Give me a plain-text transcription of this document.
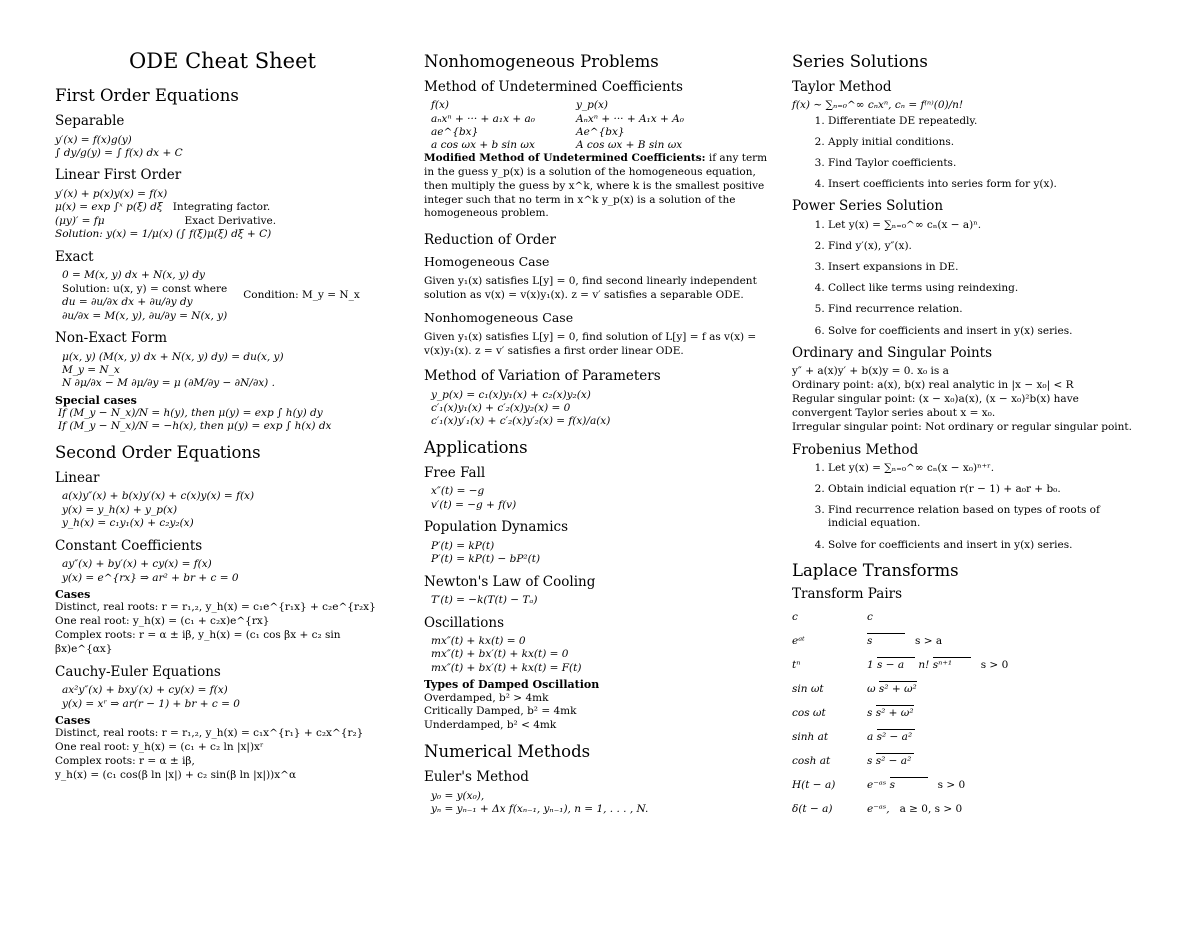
ODE Cheat Sheet
First Order Equations
Separable
y′(x) = f(x)g(y)
∫ dy/g(y) = ∫ f(x) dx + C
Linear First Order
y′(x) + p(x)y(x) = f(x)
μ(x) = exp ∫ˣ p(ξ) dξ Integrating factor.
(μy)′ = fμ	Exact Derivative.
Solution: y(x) = 1/μ(x) (∫ f(ξ)μ(ξ) dξ + C)
Exact
0 = M(x, y) dx + N(x, y) dy
Solution: u(x, y) = const where
du = ∂u/∂x dx + ∂u/∂y dy
∂u/∂x = M(x, y), ∂u/∂y = N(x, y)
Condition: M_y = N_x
Non-Exact Form
μ(x, y) (M(x, y) dx + N(x, y) dy) = du(x, y)
M_y = N_x
N ∂μ/∂x − M ∂μ/∂y = μ (∂M/∂y − ∂N/∂x) .
Special cases
If (M_y − N_x)/N = h(y), then μ(y) = exp ∫ h(y) dy
If (M_y − N_x)/N = −h(x), then μ(y) = exp ∫ h(x) dx
Second Order Equations
Linear
a(x)y″(x) + b(x)y′(x) + c(x)y(x) = f(x)
y(x) = y_h(x) + y_p(x)
y_h(x) = c₁y₁(x) + c₂y₂(x)
Constant Coefficients
ay″(x) + by′(x) + cy(x) = f(x)
y(x) = e^{rx} ⇒ ar² + br + c = 0
Cases
Distinct, real roots: r = r₁,₂, y_h(x) = c₁e^{r₁x} + c₂e^{r₂x}
One real root: y_h(x) = (c₁ + c₂x)e^{rx}
Complex roots: r = α ± iβ, y_h(x) = (c₁ cos βx + c₂ sin βx)e^{αx}
Cauchy-Euler Equations
ax²y″(x) + bxy′(x) + cy(x) = f(x)
y(x) = xʳ ⇒ ar(r − 1) + br + c = 0
Cases
Distinct, real roots: r = r₁,₂, y_h(x) = c₁x^{r₁} + c₂x^{r₂}
One real root: y_h(x) = (c₁ + c₂ ln |x|)xʳ
Complex roots: r = α ± iβ,
y_h(x) = (c₁ cos(β ln |x|) + c₂ sin(β ln |x|))x^α
Nonhomogeneous Problems
Method of Undetermined Coefficients
f(x)	y_p(x)
aₙxⁿ + ··· + a₁x + a₀	Aₙxⁿ + ··· + A₁x + A₀
ae^{bx}	Ae^{bx}
a cos ωx + b sin ωx	A cos ωx + B sin ωx
Modified Method of Undetermined Coefficients: if any term in the guess y_p(x) is a solution of the homogeneous equation, then multiply the guess by x^k, where k is the smallest positive integer such that no term in x^k y_p(x) is a solution of the homogeneous problem.
Reduction of Order
Homogeneous Case
Given y₁(x) satisfies L[y] = 0, find second linearly independent solution as v(x) = v(x)y₁(x). z = v′ satisfies a separable ODE.
Nonhomogeneous Case
Given y₁(x) satisfies L[y] = 0, find solution of L[y] = f as v(x) = v(x)y₁(x). z = v′ satisfies a first order linear ODE.
Method of Variation of Parameters
y_p(x) = c₁(x)y₁(x) + c₂(x)y₂(x)
c′₁(x)y₁(x) + c′₂(x)y₂(x) = 0
c′₁(x)y′₁(x) + c′₂(x)y′₂(x) = f(x)/a(x)
Applications
Free Fall
x″(t) = −g
v′(t) = −g + f(v)
Population Dynamics
P′(t) = kP(t)
P′(t) = kP(t) − bP²(t)
Newton's Law of Cooling
T′(t) = −k(T(t) − Tₐ)
Oscillations
mx″(t) + kx(t) = 0
mx″(t) + bx′(t) + kx(t) = 0
mx″(t) + bx′(t) + kx(t) = F(t)
Types of Damped Oscillation
Overdamped, b² > 4mk
Critically Damped, b² = 4mk
Underdamped, b² < 4mk
Numerical Methods
Euler's Method
y₀ = y(x₀),
yₙ = yₙ₋₁ + Δx f(xₙ₋₁, yₙ₋₁), n = 1, . . . , N.
Series Solutions
Taylor Method
f(x) ∼ ∑ₙ₌₀^∞ cₙxⁿ, cₙ = f⁽ⁿ⁾(0)/n!
1. Differentiate DE repeatedly.
2. Apply initial conditions.
3. Find Taylor coefficients.
4. Insert coefficients into series form for y(x).
Power Series Solution
1. Let y(x) = ∑ₙ₌₀^∞ cₙ(x − a)ⁿ.
2. Find y′(x), y″(x).
3. Insert expansions in DE.
4. Collect like terms using reindexing.
5. Find recurrence relation.
6. Solve for coefficients and insert in y(x) series.
Ordinary and Singular Points
y″ + a(x)y′ + b(x)y = 0. x₀ is a
Ordinary point: a(x), b(x) real analytic in |x − x₀| < R
Regular singular point: (x − x₀)a(x), (x − x₀)²b(x) have convergent Taylor series about x = x₀.
Irregular singular point: Not ordinary or regular singular point.
Frobenius Method
1. Let y(x) = ∑ₙ₌₀^∞ cₙ(x − x₀)ⁿ⁺ʳ.
2. Obtain indicial equation r(r − 1) + a₀r + b₀.
3. Find recurrence relation based on types of roots of indicial equation.
4. Solve for coefficients and insert in y(x) series.
Laplace Transforms
Transform Pairs
c	c
eᵃᵗ	s	s > a
tⁿ	1 s − a n! sⁿ⁺¹	s > 0
sin ωt	ω s² + ω²
cos ωt	s s² + ω²
sinh at	a s² − a²
cosh at	s s² − a²
H(t − a)	e⁻ᵃˢ s	s > 0
δ(t − a)	e⁻ᵃˢ, a ≥ 0, s > 0
